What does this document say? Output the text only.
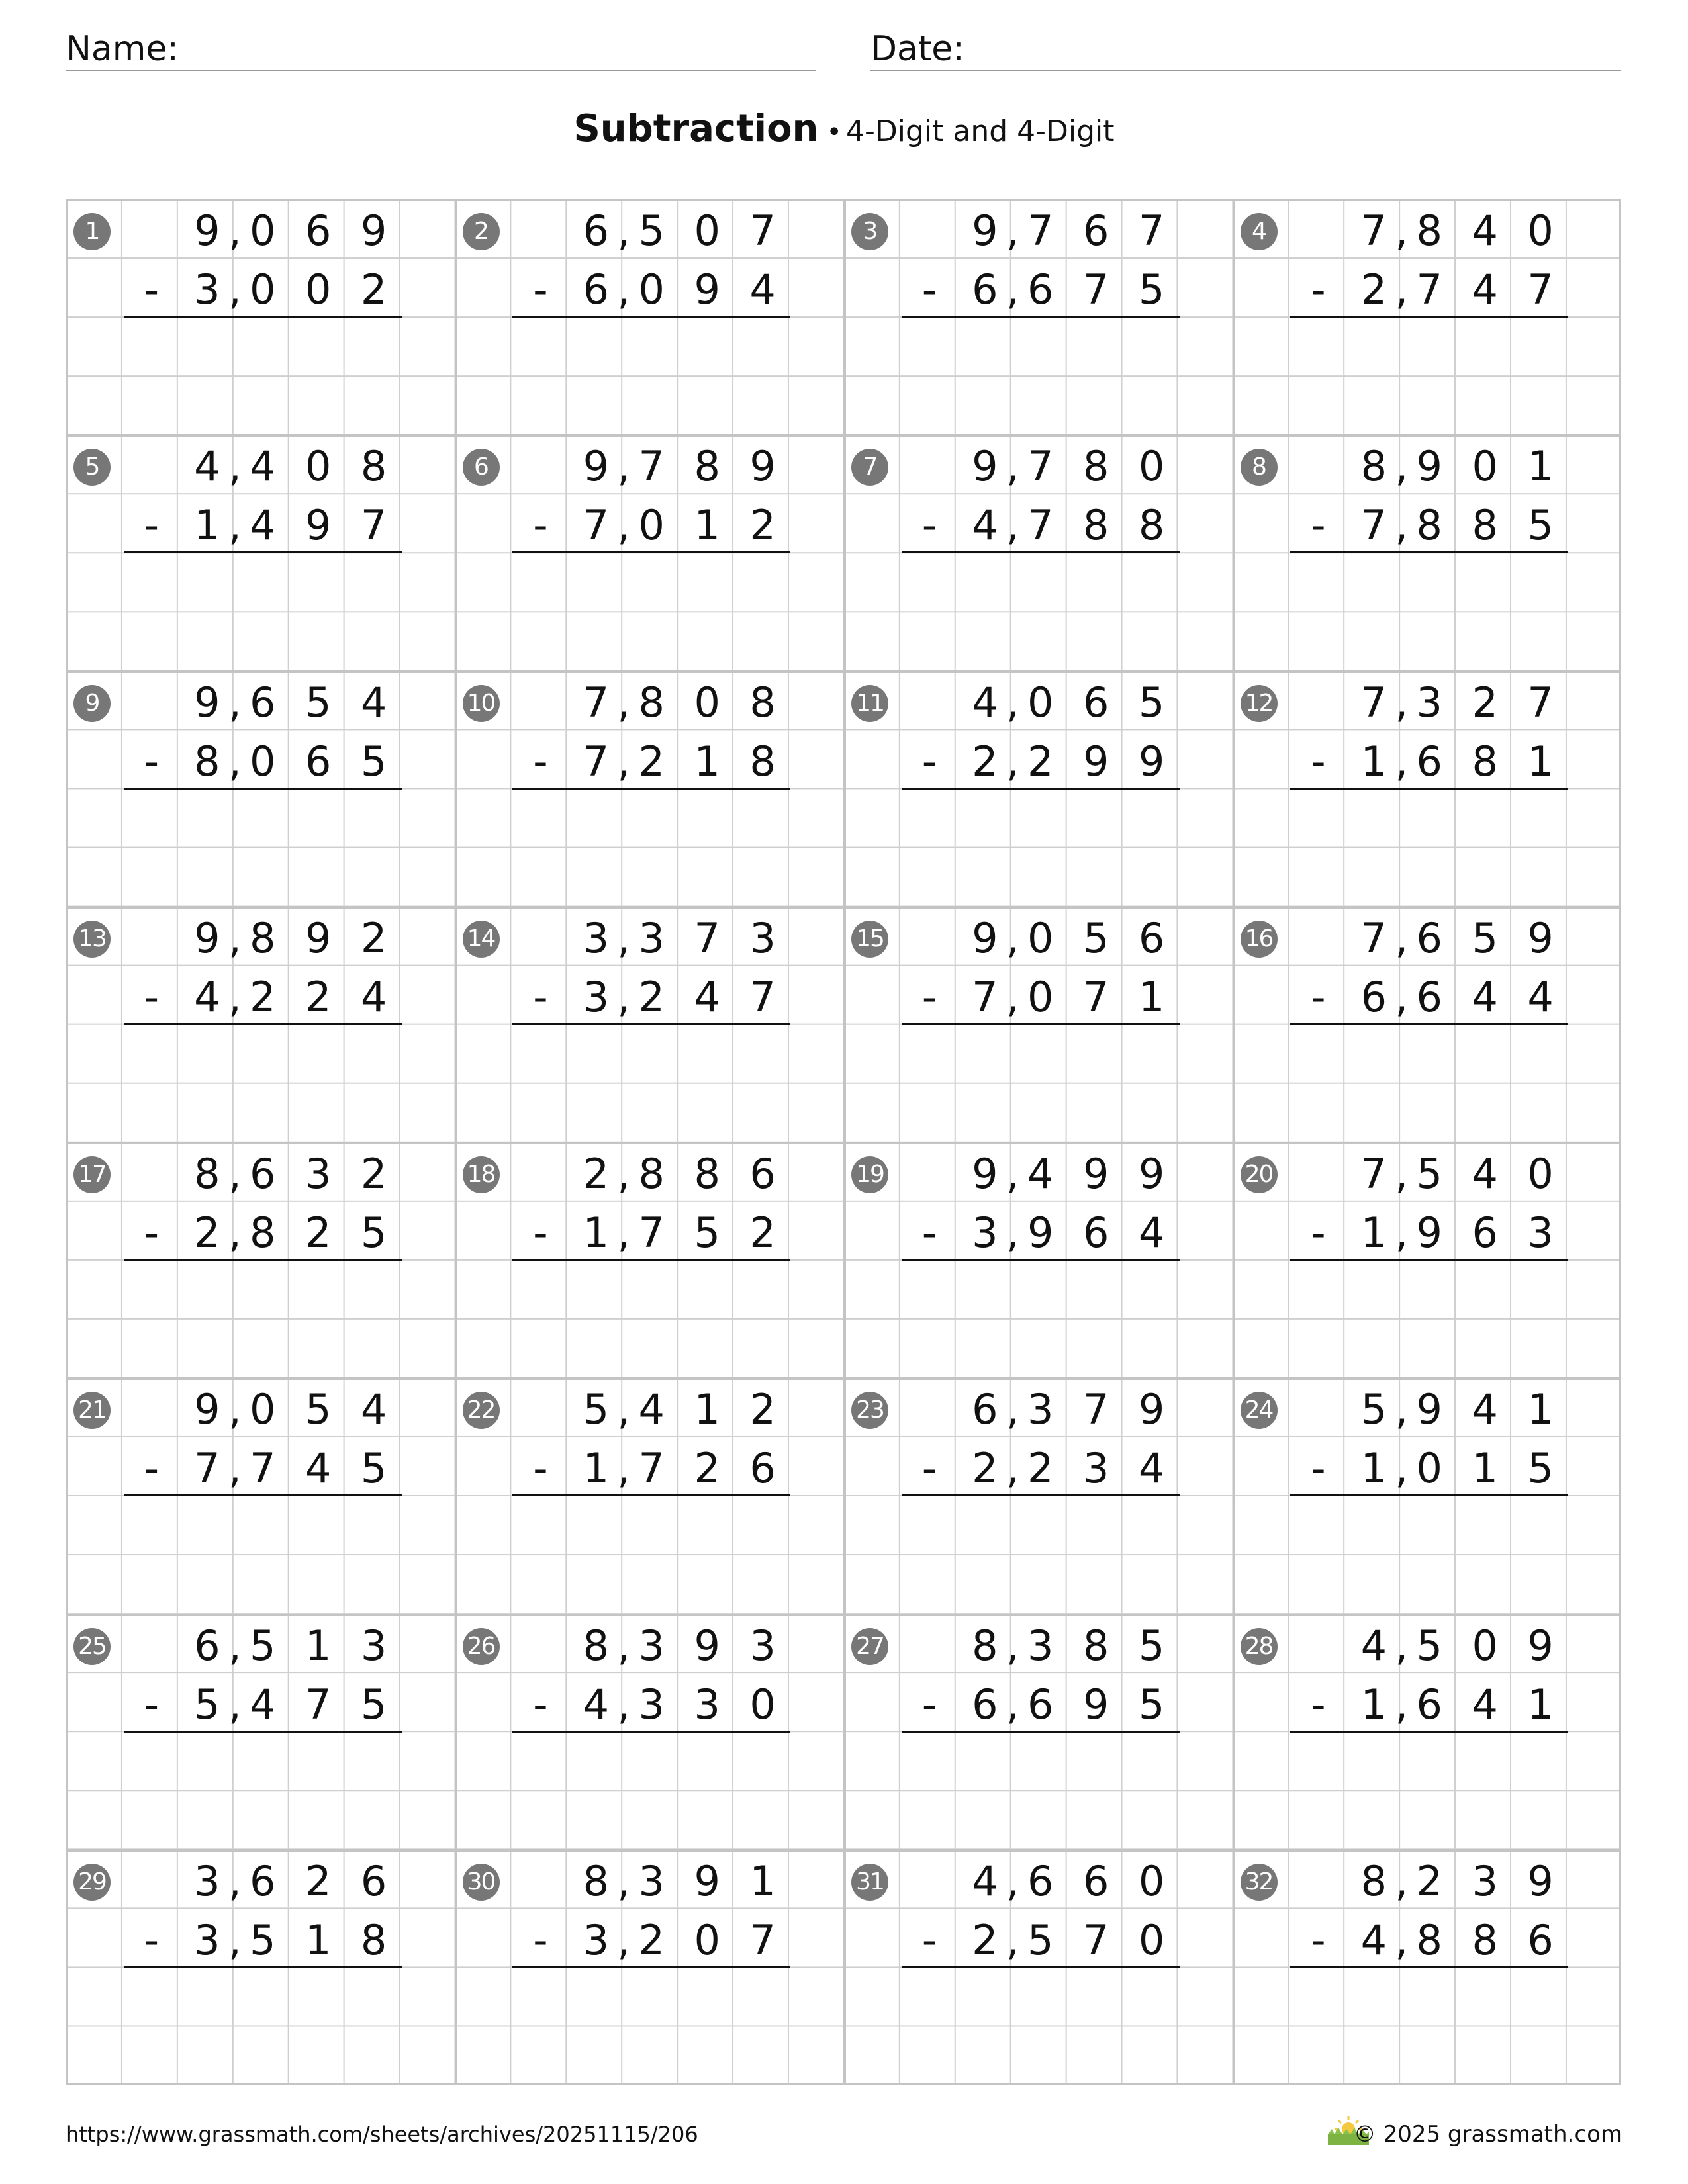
Name:	Date:
Subtraction • 4-Digit and 4-Digit
1	9 0 6 9
,
3 0 0 2
,
-
2	6 5 0 7
,
6 0 9 4
,
-
3	9 7 6 7
,
6 6 7 5
,
-
4	7 8 4 0
,
2 7 4 7
,
-
5	4 4 0 8
,
1 4 9 7
,
-
6	9 7 8 9
,
7 0 1 2
,
-
7	9 7 8 0
,
4 7 8 8
,
-
8	8 9 0 1
,
7 8 8 5
,
-
9	9 6 5 4
,
8 0 6 5
,
-
10	7 8 0 8
,
7 2 1 8
,
-
11	4 0 6 5
,
2 2 9 9
,
-
12	7 3 2 7
,
1 6 8 1
,
-
13	9 8 9 2
,
4 2 2 4
,
-
14	3 3 7 3
,
3 2 4 7
,
-
15	9 0 5 6
,
7 0 7 1
,
-
16	7 6 5 9
,
6 6 4 4
,
-
17	8 6 3 2
,
2 8 2 5
,
-
18	2 8 8 6
,
1 7 5 2
,
-
19	9 4 9 9
,
3 9 6 4
,
-
20	7 5 4 0
,
1 9 6 3
,
-
21	9 0 5 4
,
7 7 4 5
,
-
22	5 4 1 2
,
1 7 2 6
,
-
23	6 3 7 9
,
2 2 3 4
,
-
24	5 9 4 1
,
1 0 1 5
,
-
25	6 5 1 3
,
5 4 7 5
,
-
26	8 3 9 3
,
4 3 3 0
,
-
27	8 3 8 5
,
6 6 9 5
,
-
28	4 5 0 9
,
1 6 4 1
,
-
29	3 6 2 6
,
3 5 1 8
,
-
30	8 3 9 1
,
3 2 0 7
,
-
31	4 6 6 0
,
2 5 7 0
,
-
32	8 2 3 9
,
4 8 8 6
,
-
https://www.grassmath.com/sheets/archives/20251115/206	© 2025 grassmath.com
